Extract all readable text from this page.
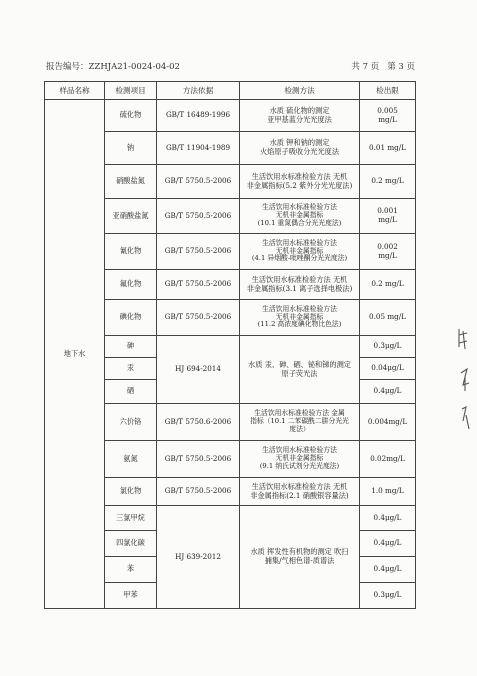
报告编号：ZZHJA21-0024-04-02	共 7 页 第 3 页
样品名称	检测项目	方法依据	检测方法	检出限
地下水	硫化物	GB/T 16489-1996	水质 硫化物的测定
亚甲基蓝分光光度法	0.005
mg/L
	钠	GB/T 11904-1989	水质 钾和钠的测定
火焰原子吸收分光光度法	0.01 mg/L
	硝酸盐氮	GB/T 5750.5-2006	生活饮用水标准检验方法 无机
非金属指标(5.2 紫外分光光度法)	0.2 mg/L
	亚硝酸盐氮	GB/T 5750.5-2006	生活饮用水标准检验方法
无机非金属指标
(10.1 重氮偶合分光光度法)	0.001
mg/L
	氰化物	GB/T 5750.5-2006	生活饮用水标准检验方法
无机非金属指标
(4.1 异烟酸-吡唑酮分光光度法)	0.002
mg/L
	氟化物	GB/T 5750.5-2006	生活饮用水标准检验方法 无机
非金属指标(3.1 离子选择电极法)	0.2 mg/L
	碘化物	GB/T 5750.5-2006	生活饮用水标准检验方法
无机非金属指标
(11.2 高浓度碘化物比色法)	0.05 mg/L
	砷	HJ 694-2014	水质 汞、砷、硒、铋和锑的测定
原子荧光法	0.3μg/L
	汞			0.04μg/L
	硒			0.4μg/L
	六价铬	GB/T 5750.6-2006	生活饮用水标准检验方法 金属
指标（10.1 二苯碳酰二肼分光光
度法）	0.004mg/L
	氨氮	GB/T 5750.5-2006	生活饮用水标准检验方法
无机非金属指标
(9.1 纳氏试剂分光光度法)	0.02mg/L
	氯化物	GB/T 5750.5-2006	生活饮用水标准检验方法 无机
非金属指标(2.1 硝酸银容量法)	1.0 mg/L
	三氯甲烷	HJ 639-2012	水质 挥发性有机物的测定 吹扫
捕集/气相色谱-质谱法	0.4μg/L
	四氯化碳			0.4μg/L
	苯			0.4μg/L
	甲苯			0.3μg/L
